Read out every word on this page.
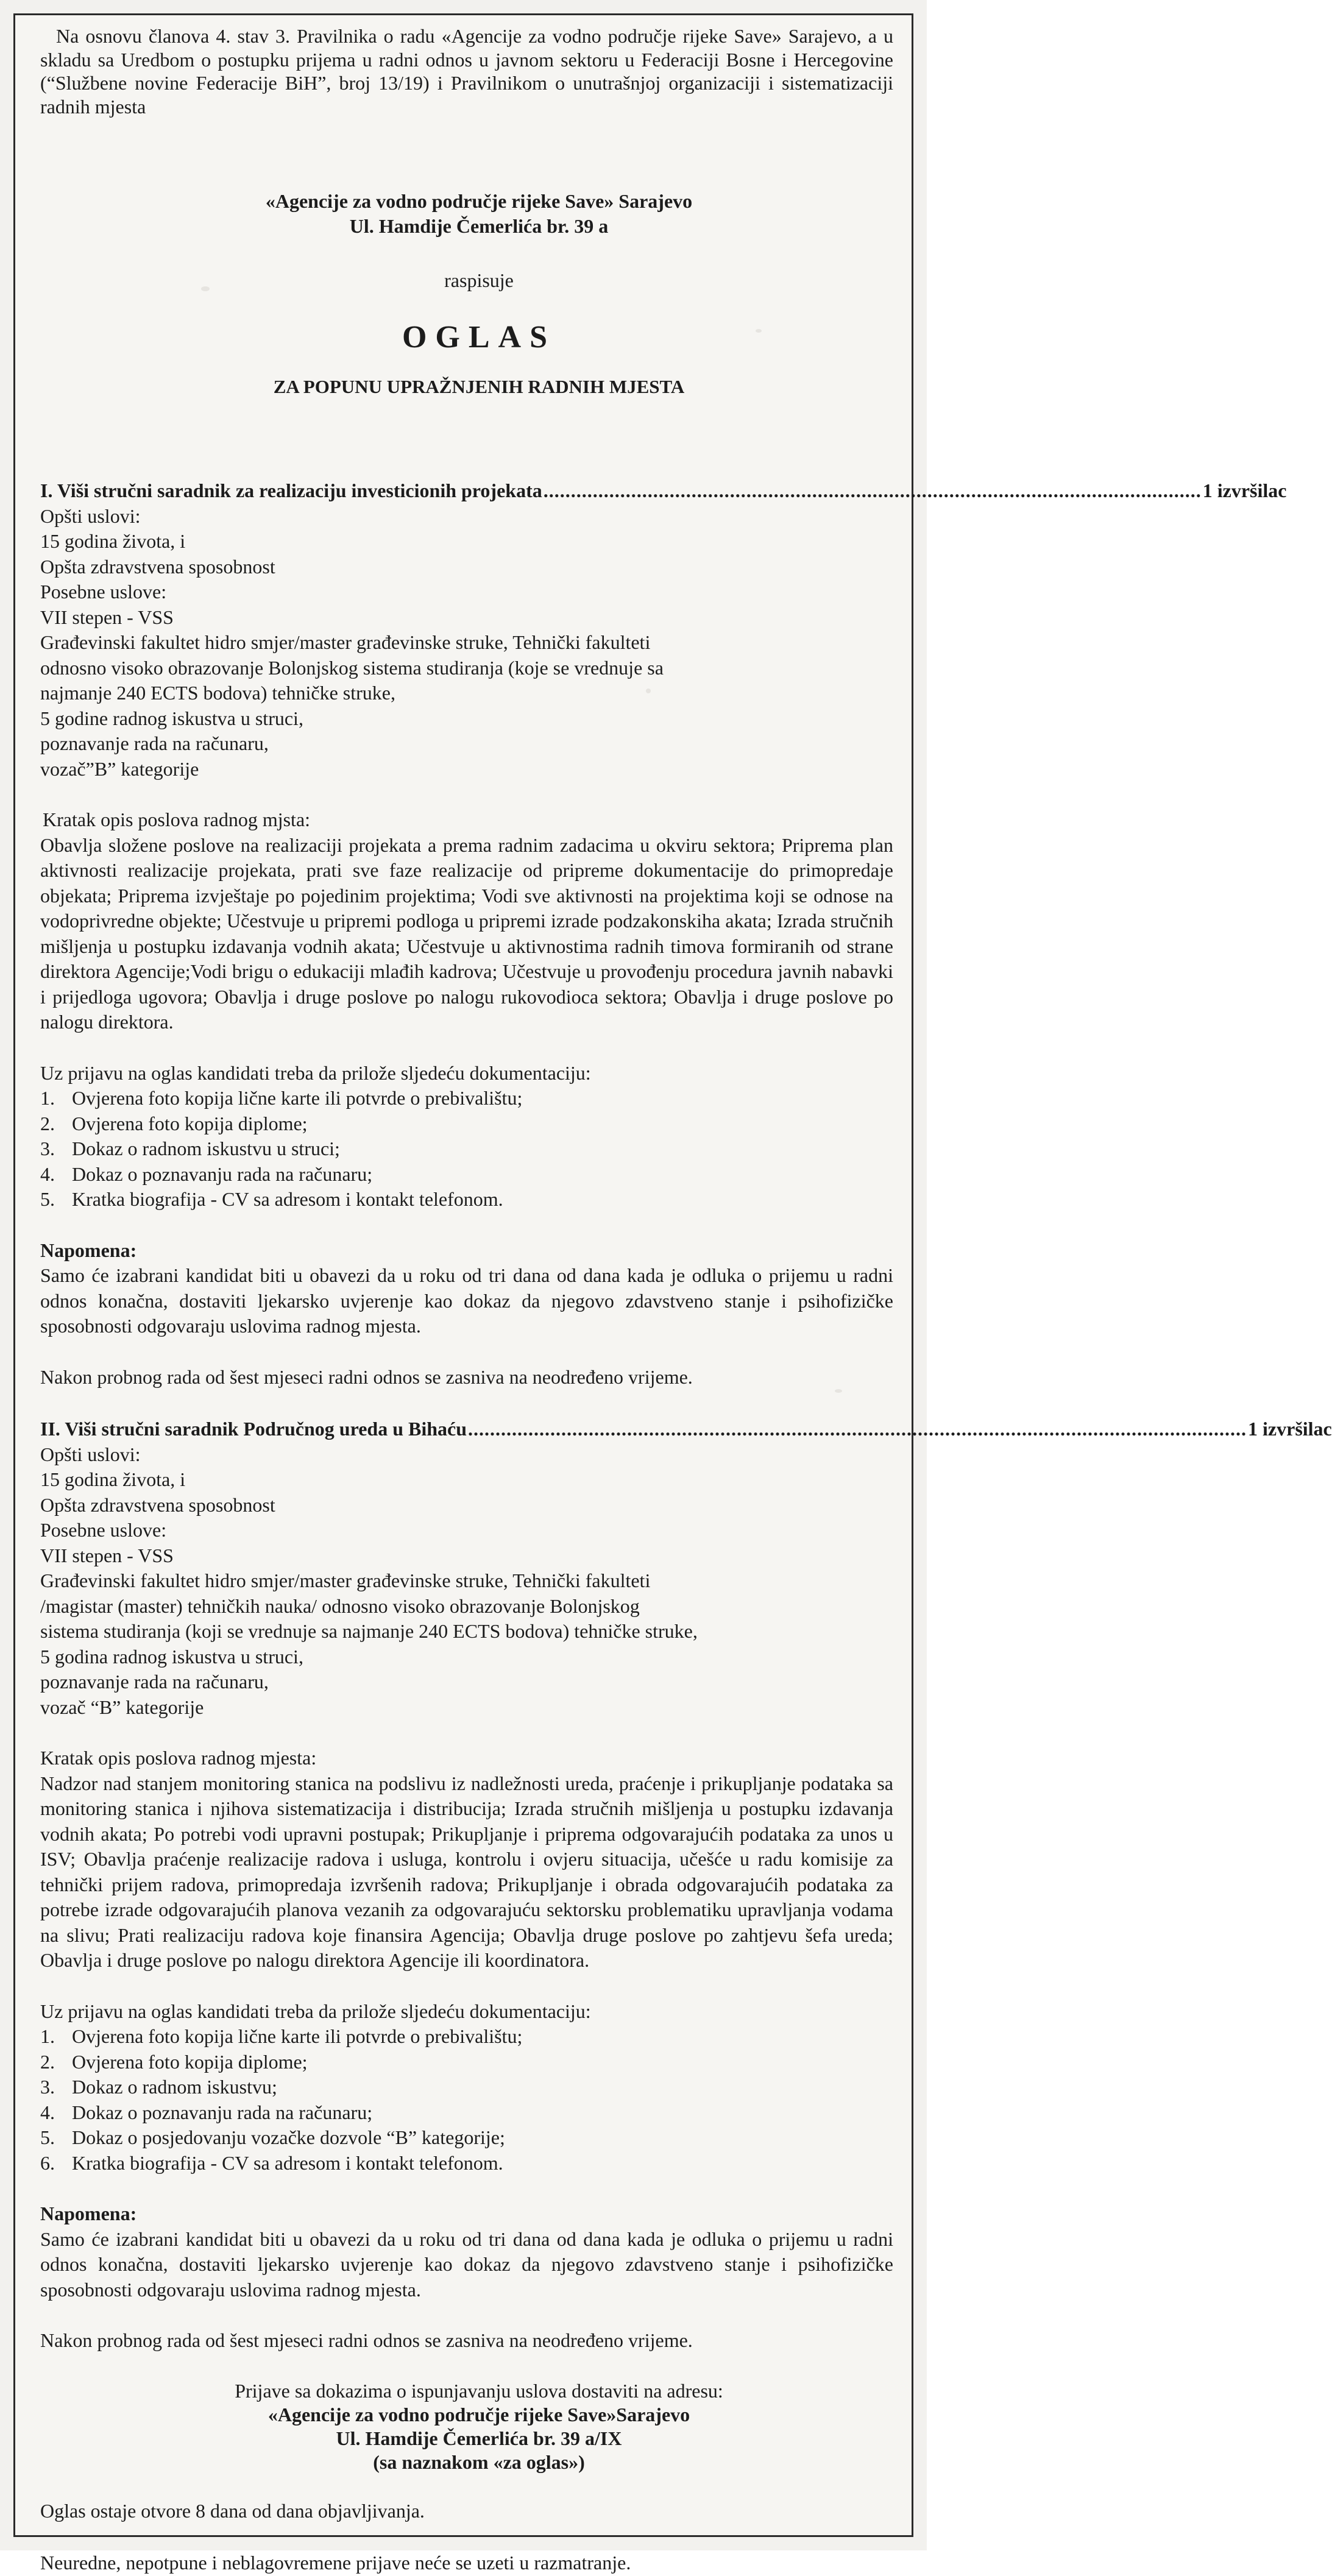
Na osnovu članova 4. stav 3. Pravilnika o radu «Agencije za vodno područje rijeke Save» Sarajevo, a u skladu sa Uredbom o postupku prijema u radni odnos u javnom sektoru u Federaciji Bosne i Hercegovine (“Službene novine Federacije BiH”, broj 13/19) i Pravilnikom o unutrašnjoj organizaciji i sistematizaciji radnih mjesta

«Agencije za vodno područje rijeke Save» Sarajevo
Ul. Hamdije Čemerlića br. 39 a
raspisuje
OGLAS
ZA POPUNU UPRAŽNJENIH RADNIH MJESTA
I. Viši stručni saradnik za realizaciju investicionih projekata ........................................................................................................................ 1 izvršilac
Opšti uslovi:
15 godina života, i
Opšta zdravstvena sposobnost
Posebne uslove:
VII stepen - VSS
Građevinski fakultet hidro smjer/master građevinske struke, Tehnički fakulteti
odnosno visoko obrazovanje Bolonjskog sistema studiranja (koje se vrednuje sa
najmanje 240 ECTS bodova) tehničke struke,
5 godine radnog iskustva u struci,
poznavanje rada na računaru,
vozač”B” kategorije
Kratak opis poslova radnog mjsta:

Obavlja složene poslove na realizaciji projekata a prema radnim zadacima u okviru sektora; Priprema plan aktivnosti realizacije projekata, prati sve faze realizacije od pripreme dokumentacije do primopredaje objekata; Priprema izvještaje po pojedinim projektima; Vodi sve aktivnosti na projektima koji se odnose na vodoprivredne objekte; Učestvuje u pripremi podloga u pripremi izrade podzakonskiha akata; Izrada stručnih mišljenja u postupku izdavanja vodnih akata; Učestvuje u aktivnostima radnih timova formiranih od strane direktora Agencije;Vodi brigu o edukaciji mlađih kadrova; Učestvuje u provođenju procedura javnih nabavki i prijedloga ugovora; Obavlja i druge poslove po nalogu rukovodioca sektora; Obavlja i druge poslove po nalogu direktora.

Uz prijavu na oglas kandidati treba da prilože sljedeću dokumentaciju:
1. Ovjerena foto kopija lične karte ili potvrde o prebivalištu;
2. Ovjerena foto kopija diplome;
3. Dokaz o radnom iskustvu u struci;
4. Dokaz o poznavanju rada na računaru;
5. Kratka biografija - CV sa adresom i kontakt telefonom.
Napomena:

Samo će izabrani kandidat biti u obavezi da u roku od tri dana od dana kada je odluka o prijemu u radni odnos konačna, dostaviti ljekarsko uvjerenje kao dokaz da njegovo zdavstveno stanje i psihofizičke sposobnosti odgovaraju uslovima radnog mjesta.

Nakon probnog rada od šest mjeseci radni odnos se zasniva na neodređeno vrijeme.
II. Viši stručni saradnik Područnog ureda u Bihaću .............................................................................................................................................. 1 izvršilac
Opšti uslovi:
15 godina života, i
Opšta zdravstvena sposobnost
Posebne uslove:
VII stepen - VSS
Građevinski fakultet hidro smjer/master građevinske struke, Tehnički fakulteti
/magistar (master) tehničkih nauka/ odnosno visoko obrazovanje Bolonjskog
sistema studiranja (koji se vrednuje sa najmanje 240 ECTS bodova) tehničke struke,
5 godina radnog iskustva u struci,
poznavanje rada na računaru,
vozač “B” kategorije
Kratak opis poslova radnog mjesta:

Nadzor nad stanjem monitoring stanica na podslivu iz nadležnosti ureda, praćenje i prikupljanje podataka sa monitoring stanica i njihova sistematizacija i distribucija; Izrada stručnih mišljenja u postupku izdavanja vodnih akata; Po potrebi vodi upravni postupak; Prikupljanje i priprema odgovarajućih podataka za unos u ISV; Obavlja praćenje realizacije radova i usluga, kontrolu i ovjeru situacija, učešće u radu komisije za tehnički prijem radova, primopredaja izvršenih radova; Prikupljanje i obrada odgovarajućih podataka za potrebe izrade odgovarajućih planova vezanih za odgovarajuću sektorsku problematiku upravljanja vodama na slivu; Prati realizaciju radova koje finansira Agencija; Obavlja druge poslove po zahtjevu šefa ureda; Obavlja i druge poslove po nalogu direktora Agencije ili koordinatora.

Uz prijavu na oglas kandidati treba da prilože sljedeću dokumentaciju:
1. Ovjerena foto kopija lične karte ili potvrde o prebivalištu;
2. Ovjerena foto kopija diplome;
3. Dokaz o radnom iskustvu;
4. Dokaz o poznavanju rada na računaru;
5. Dokaz o posjedovanju vozačke dozvole “B” kategorije;
6. Kratka biografija - CV sa adresom i kontakt telefonom.
Napomena:

Samo će izabrani kandidat biti u obavezi da u roku od tri dana od dana kada je odluka o prijemu u radni odnos konačna, dostaviti ljekarsko uvjerenje kao dokaz da njegovo zdavstveno stanje i psihofizičke sposobnosti odgovaraju uslovima radnog mjesta.

Nakon probnog rada od šest mjeseci radni odnos se zasniva na neodređeno vrijeme.
Prijave sa dokazima o ispunjavanju uslova dostaviti na adresu:
«Agencije za vodno područje rijeke Save»Sarajevo
Ul. Hamdije Čemerlića br. 39 a/IX
(sa naznakom «za oglas»)
Oglas ostaje otvore 8 dana od dana objavljivanja.
Neuredne, nepotpune i neblagovremene prijave neće se uzeti u razmatranje.
